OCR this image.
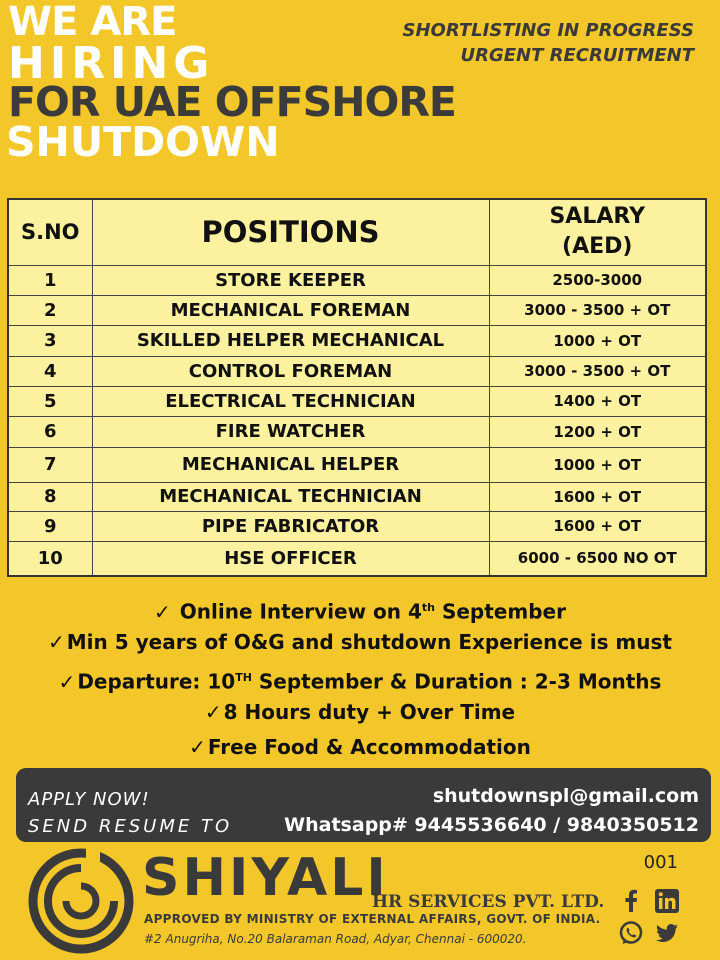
WE ARE
HIRING
FOR UAE OFFSHORE
SHUTDOWN
SHORTLISTING IN PROGRESS
URGENT RECRUITMENT
S.NO	POSITIONS	SALARY
(AED)

1	STORE KEEPER	2500-3000
2	MECHANICAL FOREMAN	3000 - 3500 + OT
3	SKILLED HELPER MECHANICAL	1000 + OT
4	CONTROL FOREMAN	3000 - 3500 + OT
5	ELECTRICAL TECHNICIAN	1400 + OT
6	FIRE WATCHER	1200 + OT
7	MECHANICAL HELPER	1000 + OT
8	MECHANICAL TECHNICIAN	1600 + OT
9	PIPE FABRICATOR	1600 + OT
10	HSE OFFICER	6000 - 6500 NO OT
✓ Online Interview on 4th September
✓ Min 5 years of O&G and shutdown Experience is must
✓ Departure: 10TH September & Duration : 2-3 Months
✓ 8 Hours duty + Over Time
✓ Free Food & Accommodation
APPLY NOW!
SEND RESUME TO
shutdownspl@gmail.com
Whatsapp# 9445536640 / 9840350512
001
SHIYALI
HR SERVICES PVT. LTD.
APPROVED BY MINISTRY OF EXTERNAL AFFAIRS, GOVT. OF INDIA.
#2 Anugriha, No.20 Balaraman Road, Adyar, Chennai - 600020.
